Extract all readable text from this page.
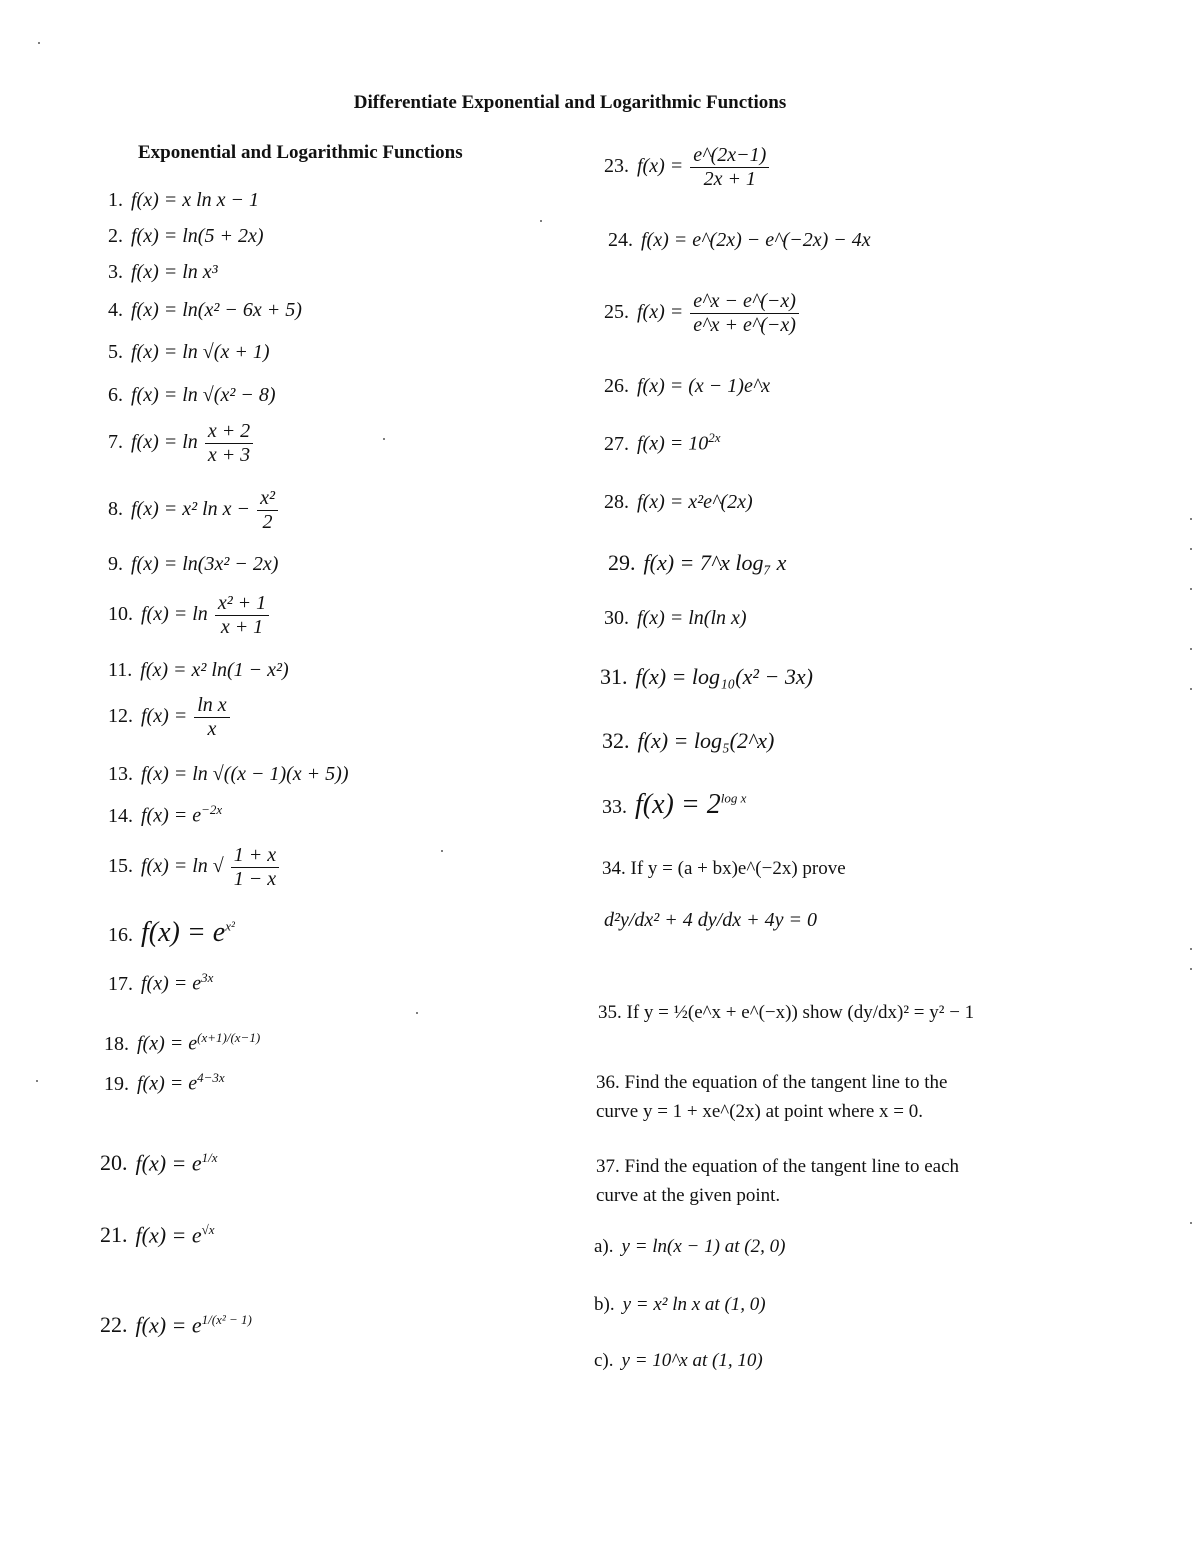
Differentiate Exponential and Logarithmic Functions
Exponential and Logarithmic Functions
1. f(x) = x ln x − 1
2. f(x) = ln(5 + 2x)
3. f(x) = ln x³
4. f(x) = ln(x² − 6x + 5)
5. f(x) = ln √(x + 1)
6. f(x) = ln √(x² − 8)
7. $f(x) = \ln \frac{x + 2}{x + 3}$
8. f(x) = x² $\ln x - \frac{\text{x²}}{2}$
9. f(x) = ln(3x² − 2x)
10. $f(x) = \ln \frac{\text{x² + 1}}{x + 1}$
11. f(x) = x² ln(1 − x²)
12. $f(x) = \frac{\text{ln x}}{x}$
13. f(x) = ln √((x − 1)(x + 5))
14. $f(x) = e^{-2x}$
15. f(x) = ln √ $\frac{1 + x}{1 - x}$
16. $f(x) = e^{x^2}$
17. $f(x) = e^{3x}$
18. $f(x) = e^{(x+1)/(x-1)}$
19. $f(x) = e^{4-3x}$
20. $f(x) = e^{1/x}$
21. $f(x) = e^{√x}$
22. $f(x) = e^{1/(x^2 - 1)}$
23. $f(x) = \frac{e\^{}(2x-1)}{2x + 1}$
24. f(x) = e^(2x) − e^(−2x) − 4x
25. $f(x) = \frac{e\^{}x - e\^{}(-x)}{e\^{}x + e\^{}(-x)}$
26. f(x) = (x − 1)e^x
27. $f(x) = 10^{2x}$
28. f(x) = x²e^(2x)
29. f(x) = 7^x log₇ x
30. f(x) = ln(ln x)
31. f(x) = log₁₀(x² − 3x)
32. f(x) = log₅(2^x)
33. $f(x) = 2^{log x}$
34. If y = (a + bx)e^(−2x) prove
d²y/dx² + 4 dy/dx + 4y = 0
35. If y = ½(e^x + e^(−x)) show (dy/dx)² = y² − 1
36. Find the equation of the tangent line to the
curve y = 1 + xe^(2x) at point where x = 0.
37. Find the equation of the tangent line to each
curve at the given point.
a). y = ln(x − 1) at (2, 0)
b). y = x² ln x at (1, 0)
c). y = 10^x at (1, 10)
